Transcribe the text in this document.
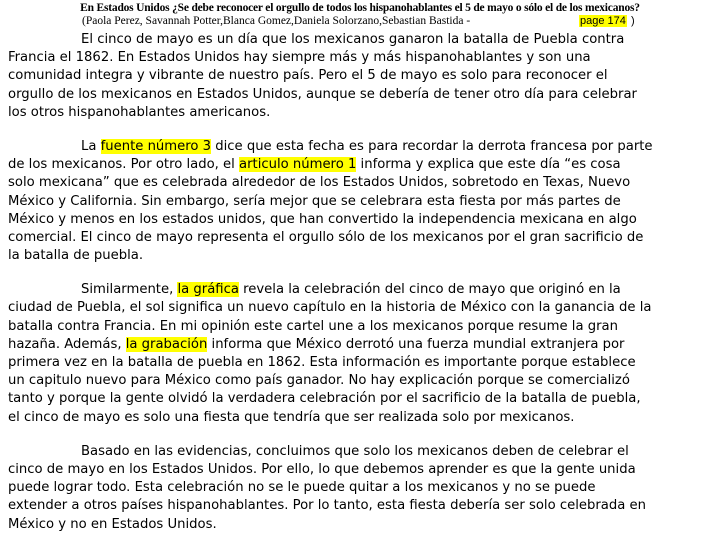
En Estados Unidos ¿Se debe reconocer el orgullo de todos los hispanohablantes el 5 de mayo o sólo el de los mexicanos?
(Paola Perez, Savannah Potter,Blanca Gomez,Daniela Solorzano,Sebastian Bastida -	page 174 )
El cinco de mayo es un día que los mexicanos ganaron la batalla de Puebla contra
Francia el 1862. En Estados Unidos hay siempre más y más hispanohablantes y son una
comunidad integra y vibrante de nuestro país. Pero el 5 de mayo es solo para reconocer el
orgullo de los mexicanos en Estados Unidos, aunque se debería de tener otro día para celebrar
los otros hispanohablantes americanos.
La fuente número 3 dice que esta fecha es para recordar la derrota francesa por parte
de los mexicanos. Por otro lado, el articulo número 1 informa y explica que este día “es cosa
solo mexicana” que es celebrada alrededor de los Estados Unidos, sobretodo en Texas, Nuevo
México y California. Sin embargo, sería mejor que se celebrara esta fiesta por más partes de
México y menos en los estados unidos, que han convertido la independencia mexicana en algo
comercial. El cinco de mayo representa el orgullo sólo de los mexicanos por el gran sacrificio de
la batalla de puebla.
Similarmente, la gráfica revela la celebración del cinco de mayo que originó en la
ciudad de Puebla, el sol significa un nuevo capítulo en la historia de México con la ganancia de la
batalla contra Francia. En mi opinión este cartel une a los mexicanos porque resume la gran
hazaña. Además, la grabación informa que México derrotó una fuerza mundial extranjera por
primera vez en la batalla de puebla en 1862. Esta información es importante porque establece
un capitulo nuevo para México como país ganador. No hay explicación porque se comercializó
tanto y porque la gente olvidó la verdadera celebración por el sacrificio de la batalla de puebla,
el cinco de mayo es solo una fiesta que tendría que ser realizada solo por mexicanos.
Basado en las evidencias, concluimos que solo los mexicanos deben de celebrar el
cinco de mayo en los Estados Unidos. Por ello, lo que debemos aprender es que la gente unida
puede lograr todo. Esta celebración no se le puede quitar a los mexicanos y no se puede
extender a otros países hispanohablantes. Por lo tanto, esta fiesta debería ser solo celebrada en
México y no en Estados Unidos.
